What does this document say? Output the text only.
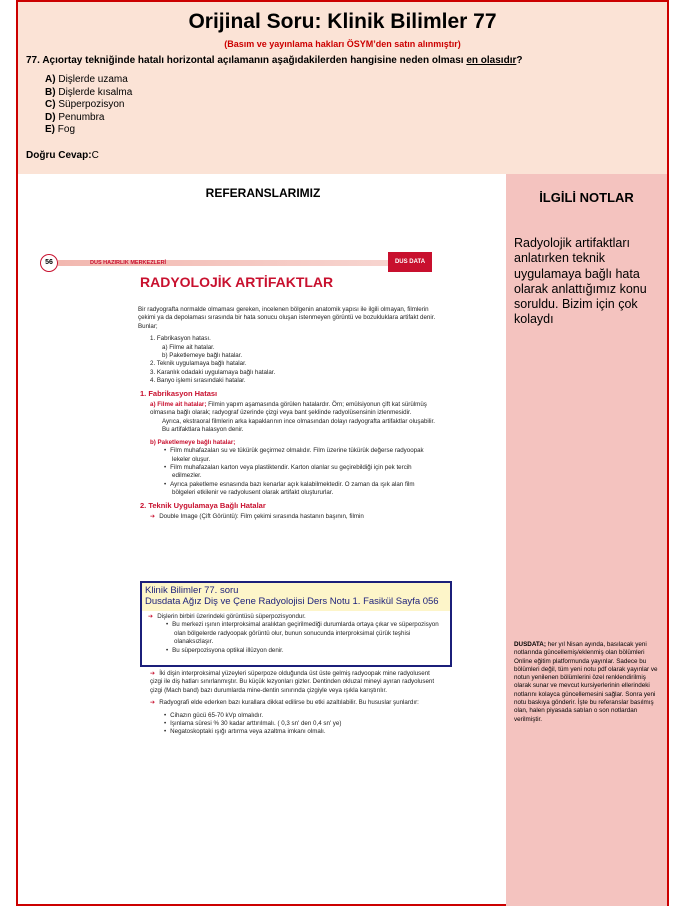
Orijinal Soru: Klinik Bilimler 77
(Basım ve yayınlama hakları ÖSYM’den satın alınmıştır)
77. Açıortay tekniğinde hatalı horizontal açılamanın aşağıdakilerden hangisine neden olması en olasıdır?
A) Dişlerde uzama
B) Dişlerde kısalma
C) Süperpozisyon
D) Penumbra
E) Fog
Doğru Cevap:C
REFERANSLARIMIZ	İLGİLİ NOTLAR
Radyolojik artifaktları anlatırken teknik uygulamaya bağlı hata olarak anlattığımız konu soruldu. Bizim için çok kolaydı
DUSDATA; her yıl Nisan ayında, basılacak yeni notlarında güncellemiş/eklenmiş olan bölümleri Online eğitim platformunda yayınlar. Sadece bu bölümleri değil, tüm yeni notu pdf olarak yayınlar ve notun yenilenen bölümlerini özel renklendirilmiş olarak sunar ve mevcut kursiyerlerinin ellerindeki notlarını kolayca güncellemesini sağlar. Sonra yeni notu baskıya gönderir. İşte bu referanslar basılmış olan, halen piyasada satılan o son notlardan verilmiştir.
56	DUS HAZIRLIK MERKEZLERİ	DUS DATA
RADYOLOJİK ARTİFAKTLAR

Bir radyografta normalde olmaması gereken, incelenen bölgenin anatomik yapısı ile ilgili olmayan, filmlerin çekimi ya da depolaması sırasında bir hata sonucu oluşan istenmeyen görüntü ve bozukluklara artifakt denir. Bunlar;

1. Fabrikasyon hatası.
a) Filme ait hatalar.
b) Paketlemeye bağlı hatalar.
2. Teknik uygulamaya bağlı hatalar.
3. Karanlık odadaki uygulamaya bağlı hatalar.
4. Banyo işlemi sırasındaki hatalar.
1. Fabrikasyon Hatası
a) Filme ait hatalar; Filmin yapım aşamasında görülen hatalardır. Örn; emülsiyonun çift kat sürülmüş olmasına bağlı olarak; radyograf üzerinde çizgi veya bant şeklinde radyolüsensinin izlenmesidir.

Ayrıca, ekstraoral filmlerin arka kapaklarının ince olmasından dolayı radyografta artifaktlar oluşabilir. Bu artifaktlara halasyon denir.

b) Paketlemeye bağlı hatalar;
• Film muhafazaları su ve tükürük geçirmez olmalıdır. Film üzerine tükürük değerse radyoopak lekeler oluşur.
• Film muhafazaları karton veya plastiktendir. Karton olanlar su geçirebildiği için pek tercih edilmezler.
• Ayrıca paketleme esnasında bazı kenarlar açık kalabilmektedir. O zaman da ışık alan film bölgeleri etkilenir ve radyolusent olarak artifakt oluştururlar.
2. Teknik Uygulamaya Bağlı Hatalar
➔ Double Image (Çift Görüntü): Film çekimi sırasında hastanın başının, filmin
Klinik Bilimler 77. soru
Dusdata Ağız Diş ve Çene Radyolojisi Ders Notu 1. Fasikül Sayfa 056
➔ Dişlerin birbiri üzerindeki görüntüsü süperpozisyondur.
• Bu merkezi ışının interproksimal aralıktan geçirilmediği durumlarda ortaya çıkar ve süperpozisyon olan bölgelerde radyoopak görüntü olur, bunun sonucunda interproksimal çürük teşhisi olanaksızlaşır.
• Bu süperpozisyona optikal illüzyon denir.

➔ İki dişin interproksimal yüzeyleri süperpoze olduğunda üst üste gelmiş radyoopak mine radyolusent çizgi ile diş hatları sınırlanmıştır. Bu küçük lezyonları gizler. Dentinden okluzal mineyi ayıran radyolusent çizgi (Mach band) bazı durumlarda mine-dentin sınırında çizgiyle veya ışıkla karıştırılır.

➔ Radyografi elde ederken bazı kurallara dikkat edilirse bu etki azaltılabilir. Bu hususlar şunlardır:

• Cihazın gücü 65-70 kVp olmalıdır.
• Işınlama süresi % 30 kadar arttırılmalı. ( 0,3 sn' den 0,4 sn' ye)
• Negatoskoptaki ışığı artırma veya azaltma imkanı olmalı.
